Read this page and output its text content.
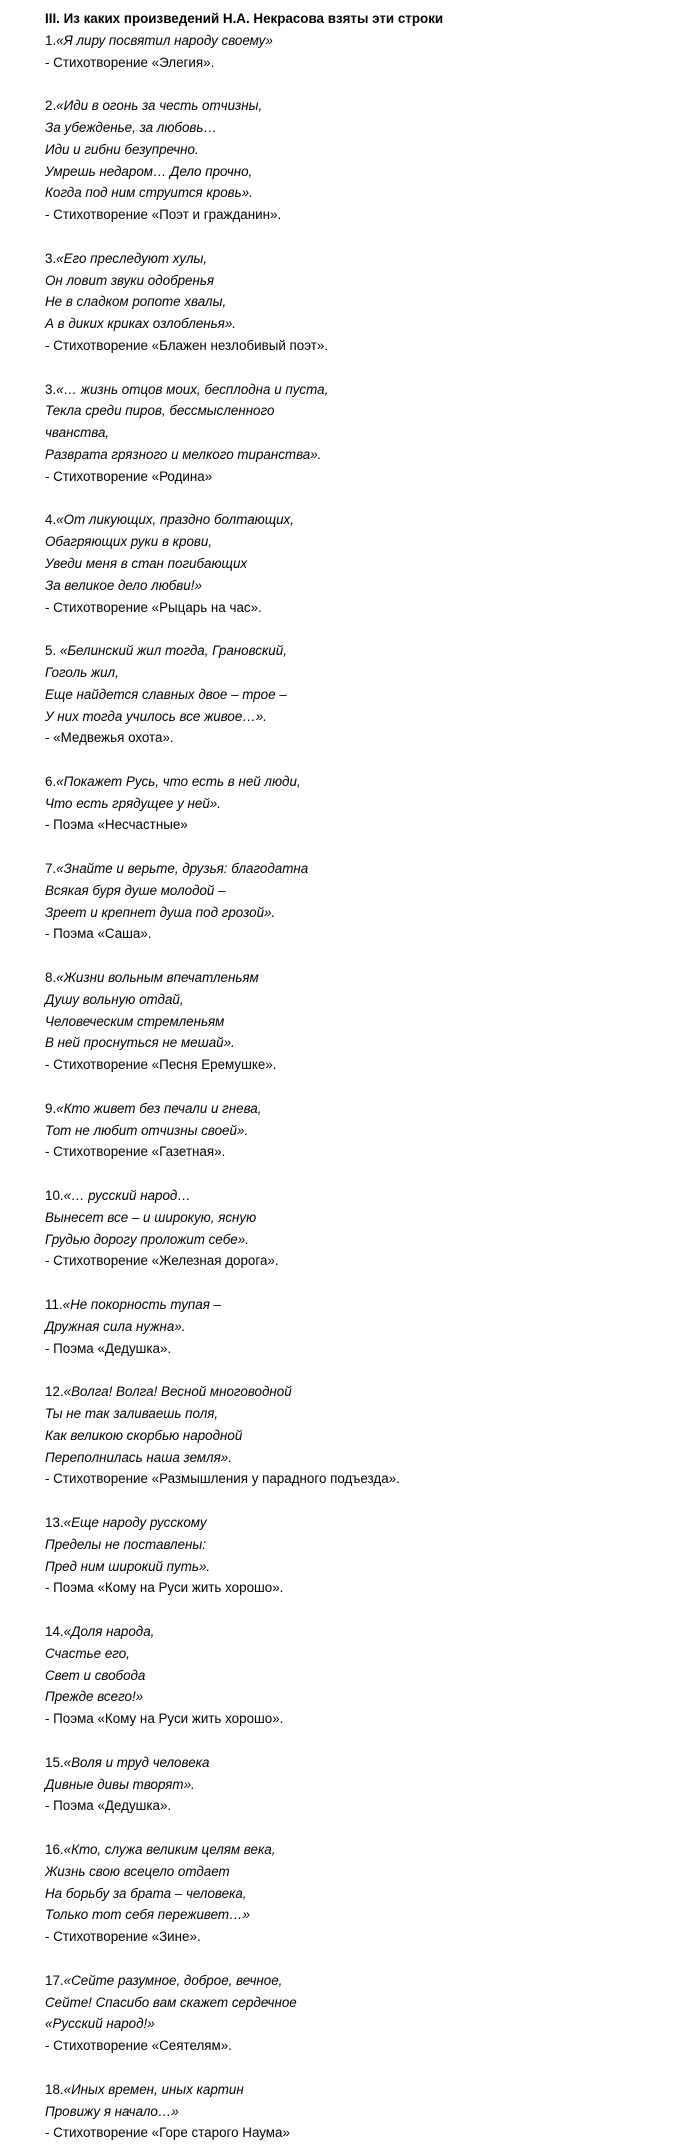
III. Из каких произведений Н.А. Некрасова взяты эти строки

1.«Я лиру посвятил народу своему»
- Стихотворение «Элегия».
2.«Иди в огонь за честь отчизны,
За убежденье, за любовь…
Иди и гибни безупречно.
Умрешь недаром… Дело прочно,
Когда под ним струится кровь».
- Стихотворение «Поэт и гражданин».
3.«Его преследуют хулы,
Он ловит звуки одобренья
Не в сладком ропоте хвалы,
А в диких криках озлобленья».
- Стихотворение «Блажен незлобивый поэт».
3.«… жизнь отцов моих, бесплодна и пуста,
Текла среди пиров, бессмысленного
чванства,
Разврата грязного и мелкого тиранства».
- Стихотворение «Родина»
4.«От ликующих, праздно болтающих,
Обагряющих руки в крови,
Уведи меня в стан погибающих
За великое дело любви!»
- Стихотворение «Рыцарь на час».
5. «Белинский жил тогда, Грановский,
Гоголь жил,
Еще найдется славных двое – трое –
У них тогда училось все живое…».
- «Медвежья охота».
6.«Покажет Русь, что есть в ней люди,
Что есть грядущее у ней».
- Поэма «Несчастные»
7.«Знайте и верьте, друзья: благодатна
Всякая буря душе молодой –
Зреет и крепнет душа под грозой».
- Поэма «Саша».
8.«Жизни вольным впечатленьям
Душу вольную отдай,
Человеческим стремленьям
В ней проснуться не мешай».
- Стихотворение «Песня Еремушке».
9.«Кто живет без печали и гнева,
Тот не любит отчизны своей».
- Стихотворение «Газетная».
10.«… русский народ…
Вынесет все – и широкую, ясную
Грудью дорогу проложит себе».
- Стихотворение «Железная дорога».
11.«Не покорность тупая –
Дружная сила нужна».
- Поэма «Дедушка».
12.«Волга! Волга! Весной многоводной
Ты не так заливаешь поля,
Как великою скорбью народной
Переполнилась наша земля».
- Стихотворение «Размышления у парадного подъезда».
13.«Еще народу русскому
Пределы не поставлены:
Пред ним широкий путь».
- Поэма «Кому на Руси жить хорошо».
14.«Доля народа,
Счастье его,
Свет и свобода
Прежде всего!»
- Поэма «Кому на Руси жить хорошо».
15.«Воля и труд человека
Дивные дивы творят».
- Поэма «Дедушка».
16.«Кто, служа великим целям века,
Жизнь свою всецело отдает
На борьбу за брата – человека,
Только тот себя переживет…»
- Стихотворение «Зине».
17.«Сейте разумное, доброе, вечное,
Сейте! Спасибо вам скажет сердечное
«Русский народ!»
- Стихотворение «Сеятелям».
18.«Иных времен, иных картин
Провижу я начало…»
- Стихотворение «Горе старого Наума»
